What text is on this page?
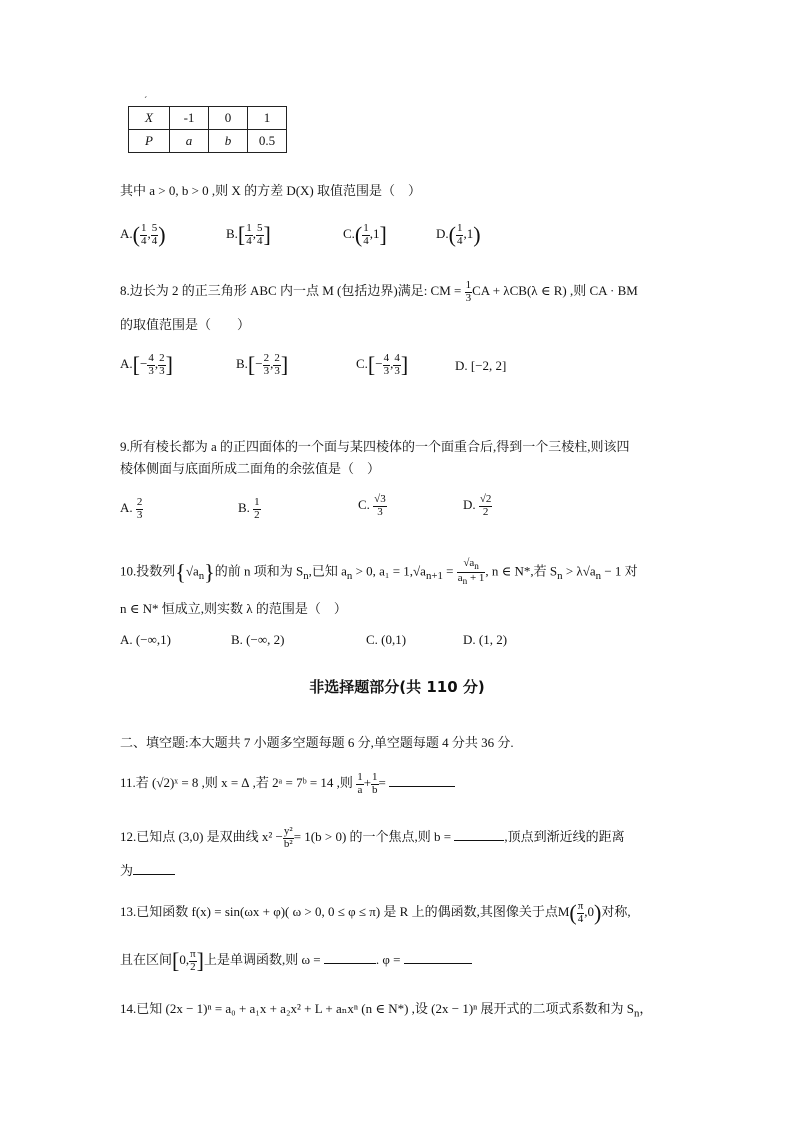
ˊ
X	-1	0	1
P	a	b	0.5
其中 a > 0, b > 0 ,则 X 的方差 D(X) 取值范围是（　）
$A.( \frac{1}{4}$ , $\frac{5}{4}$ )	$B.[ \frac{1}{4}$ , $\frac{5}{4}$ ]	$C.( \frac{1}{4} ,1]$	$D.( \frac{1}{4} ,1)$
8.边长为 2 的正三角形 ABC 内一点 M (包括边界)满足: CM = $\frac{1}{3}$ CA + λCB(λ ∈ R) ,则 CA · BM
的取值范围是（　　）
$A.[- \frac{4}{3}$ , $\frac{2}{3}$ ]	$B.[- \frac{2}{3}$ , $\frac{2}{3}$ ]	$C.[- \frac{4}{3}$ , $\frac{4}{3}$ ]	D. [−2, 2]
9.所有棱长都为 a 的正四面体的一个面与某四棱体的一个面重合后,得到一个三棱柱,则该四
棱体侧面与底面所成二面角的余弦值是（　）
A. $\frac{2}{3}$	B. $\frac{1}{2}$	C. $\frac{√3}{3}$	D. $\frac{√2}{2}$
10.投数列$\{√a_n\}$的前 n 项和为 $S_n$,已知 $a_n > 0$, $a_1 = 1,√a_{n+1} = \frac{√a_n}{a_n + 1}$ , n ∈ N*,若 $S_n > \lambda√a_n - 1$ 对
n ∈ N* 恒成立,则实数 λ 的范围是（　）
A. (−∞,1)	B. (−∞, 2)	C. (0,1)	D. (1, 2)
非选择题部分(共 110 分)
二、填空题:本大题共 7 小题多空题每题 6 分,单空题每题 4 分共 36 分.
11.若 (√2)ˣ = 8 ,则 x = ∆ ,若 2ᵃ = 7ᵇ = 14 ,则 $\frac{1}{a} + \frac{1}{b}$ =
12.已知点 (3,0) 是双曲线 $x^2 - \frac{\text{y²}}{\text{b²}} = 1(b > 0)$ 的一个焦点,则 b =	,顶点到渐近线的距离
为
13.已知函数 f(x) = sin(ωx + φ)( ω > 0, 0 ≤ φ ≤ π) 是 R 上的偶函数,其图像关于点$M( \frac{\pi}{4} ,0)$对称,
且在区间[0, $\frac{\pi}{2}$ ]上是单调函数,则 ω =	. φ =
14.已知 (2x − 1)ⁿ = a₀ + a₁x + a₂x² + L + aₙxⁿ (n ∈ N*) ,设 (2x − 1)ⁿ 展开式的二项式系数和为 $S_n$，
